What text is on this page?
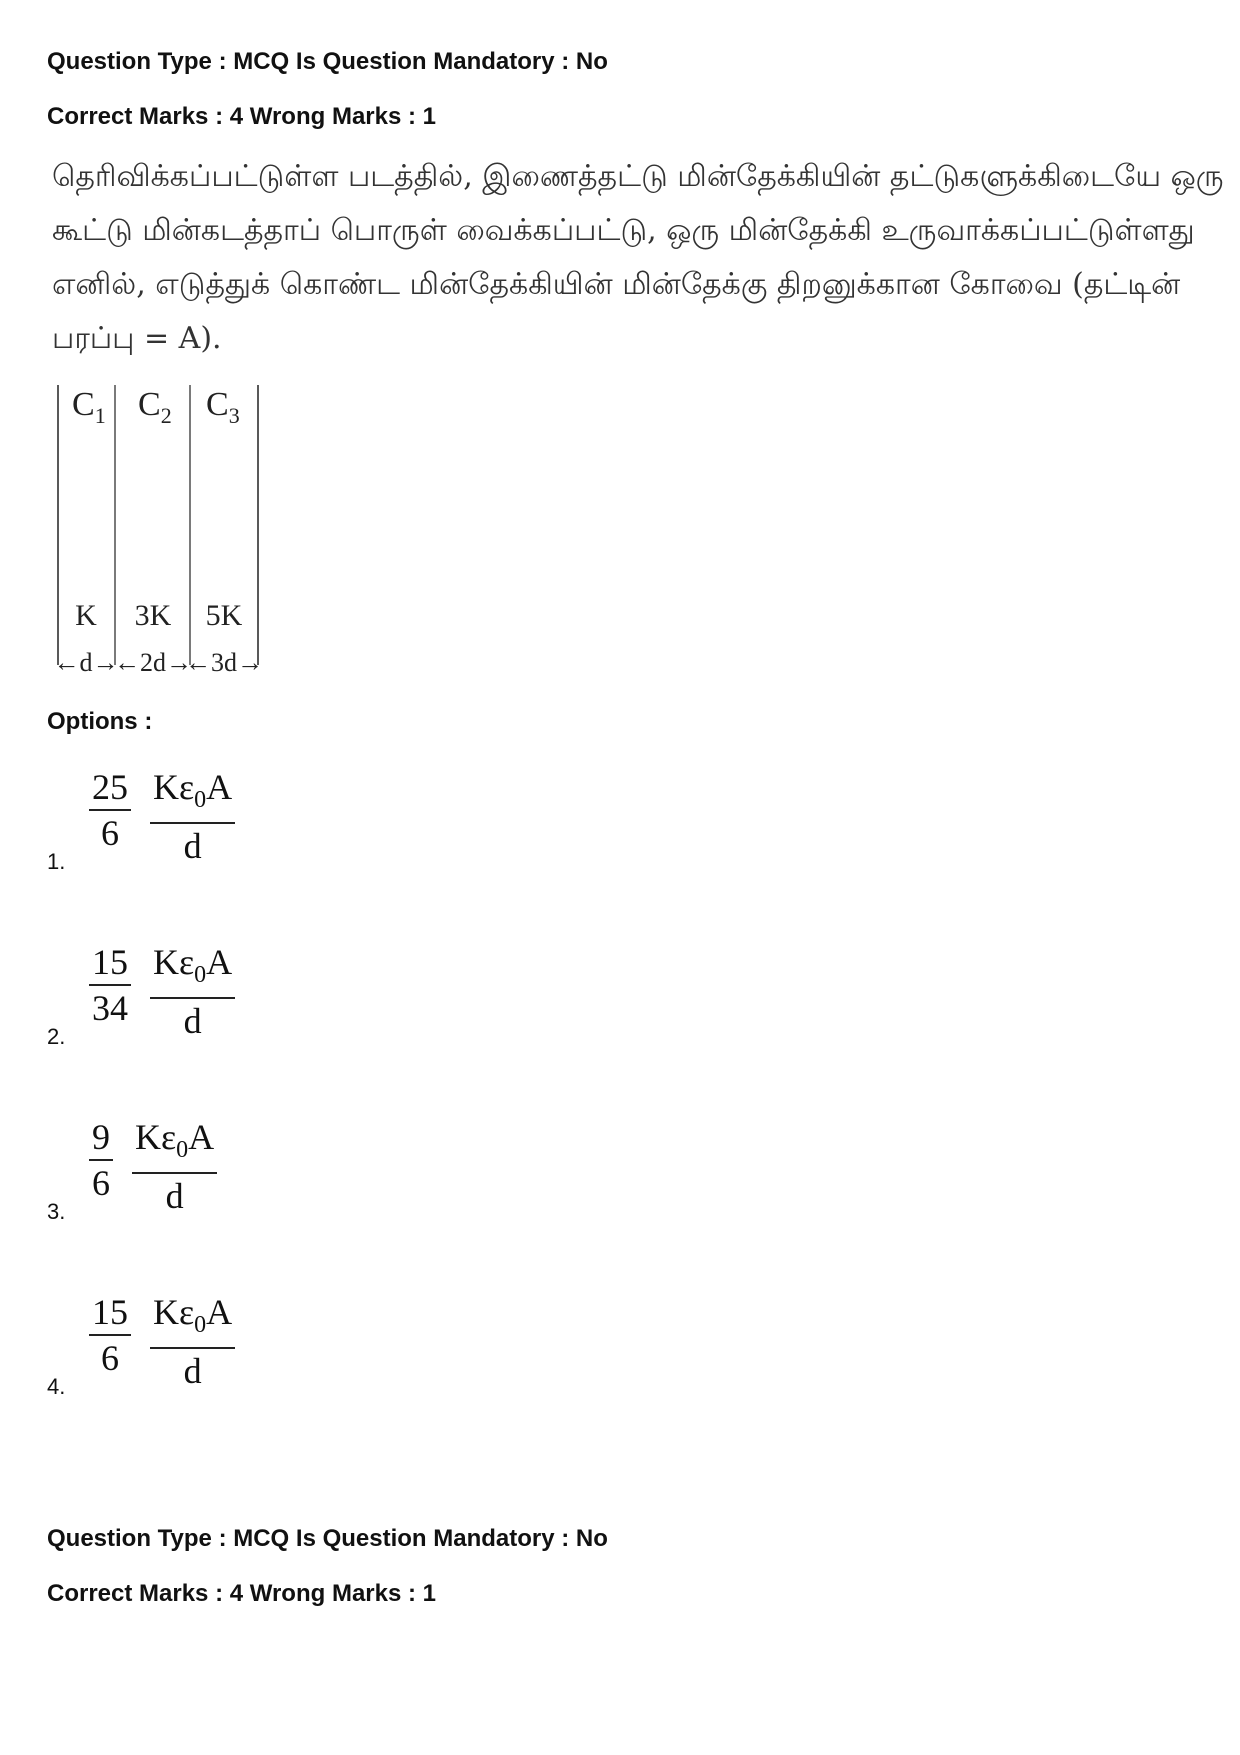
Question Type : MCQ Is Question Mandatory : No
Correct Marks : 4 Wrong Marks : 1

தெரிவிக்கப்பட்டுள்ள படத்தில், இணைத்தட்டு மின்தேக்கியின் தட்டுகளுக்கிடையே ஒரு

கூட்டு மின்கடத்தாப் பொருள் வைக்கப்பட்டு, ஒரு மின்தேக்கி உருவாக்கப்பட்டுள்ளது

எனில், எடுத்துக் கொண்ட மின்தேக்கியின் மின்தேக்கு திறனுக்கான கோவை (தட்டின்

பரப்பு = A).

$C_1$ $C_2$ $C_3$
K 3K 5K
←d→
←2d→
←3d→
Options :
1.
25
6
$K\varepsilon_0A$
d
2.
15
34
$K\varepsilon_0A$
d
3.
9
6
$K\varepsilon_0A$
d
4.
15
6
$K\varepsilon_0A$
d
Question Type : MCQ Is Question Mandatory : No
Correct Marks : 4 Wrong Marks : 1
